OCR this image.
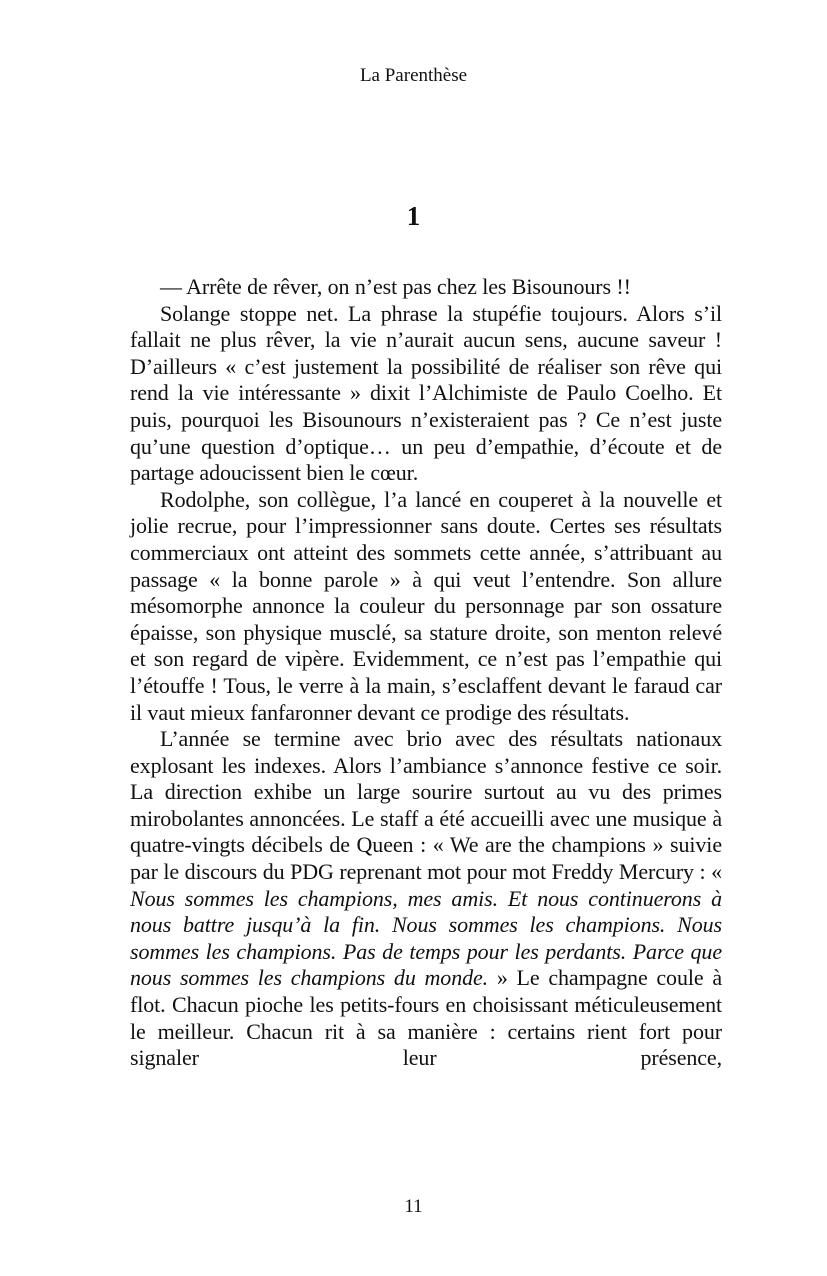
La Parenthèse
1

— Arrête de rêver, on n’est pas chez les Bisounours !!

Solange stoppe net. La phrase la stupéfie toujours. Alors s’il fallait ne plus rêver, la vie n’aurait aucun sens, aucune saveur ! D’ailleurs « c’est justement la possibilité de réaliser son rêve qui rend la vie intéressante » dixit l’Alchimiste de Paulo Coelho. Et puis, pourquoi les Bisounours n’existeraient pas ? Ce n’est juste qu’une question d’optique… un peu d’empathie, d’écoute et de partage adoucissent bien le cœur.

Rodolphe, son collègue, l’a lancé en couperet à la nouvelle et jolie recrue, pour l’impressionner sans doute. Certes ses résultats commerciaux ont atteint des sommets cette année, s’attribuant au passage « la bonne parole » à qui veut l’entendre. Son allure mésomorphe annonce la couleur du personnage par son ossature épaisse, son physique musclé, sa stature droite, son menton relevé et son regard de vipère. Evidemment, ce n’est pas l’empathie qui l’étouffe ! Tous, le verre à la main, s’esclaffent devant le faraud car il vaut mieux fanfaronner devant ce prodige des résultats.

L’année se termine avec brio avec des résultats nationaux explosant les indexes. Alors l’ambiance s’annonce festive ce soir. La direction exhibe un large sourire surtout au vu des primes mirobolantes annoncées. Le staff a été accueilli avec une musique à quatre-vingts décibels de Queen : « We are the champions » suivie par le discours du PDG reprenant mot pour mot Freddy Mercury : « Nous sommes les champions, mes amis. Et nous continuerons à nous battre jusqu’à la fin. Nous sommes les champions. Nous sommes les champions. Pas de temps pour les perdants. Parce que nous sommes les champions du monde. » Le champagne coule à flot. Chacun pioche les petits-fours en choisissant méticuleusement le meilleur. Chacun rit à sa manière : certains rient fort pour signaler leur présence,

11
